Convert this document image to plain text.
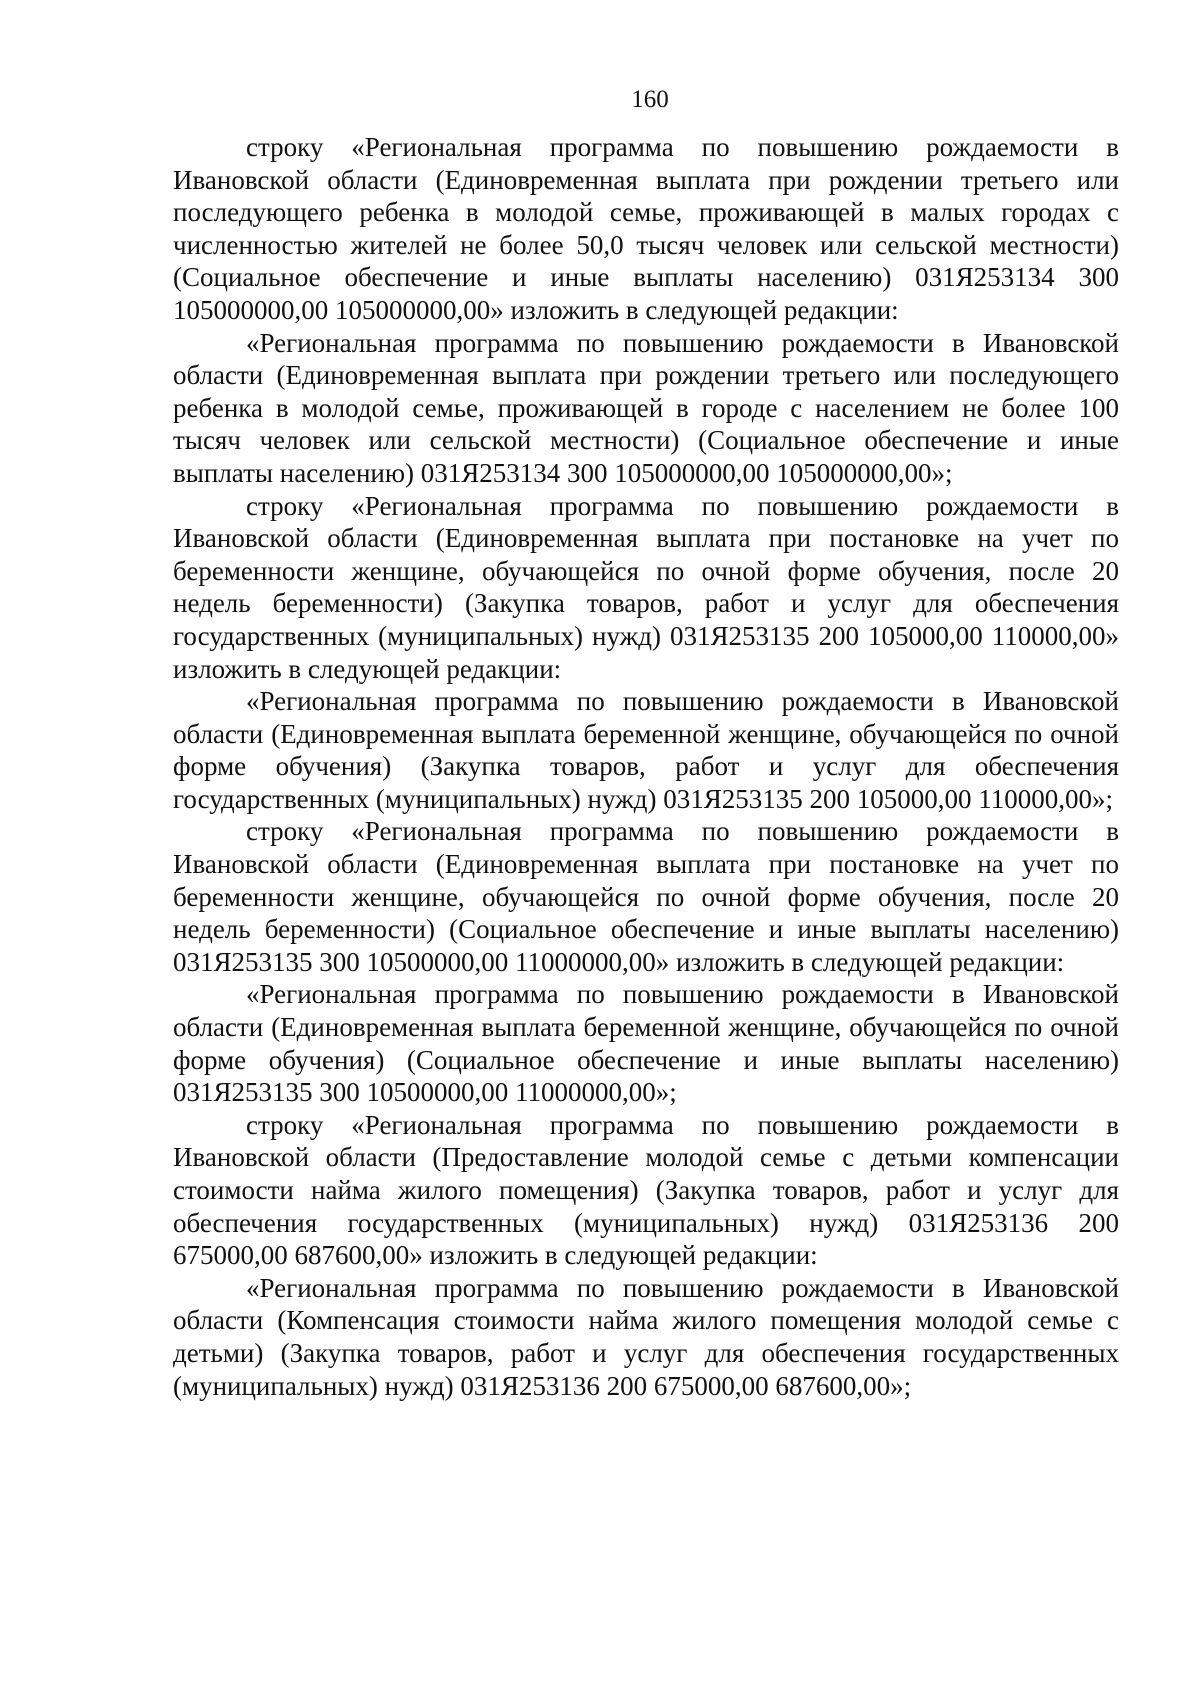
160

строку «Региональная программа по повышению рождаемости в Ивановской области (Единовременная выплата при рождении третьего или последующего ребенка в молодой семье, проживающей в малых городах с численностью жителей не более 50,0 тысяч человек или сельской местности) (Социальное обеспечение и иные выплаты населению) 031Я253134 300 105000000,00 105000000,00» изложить в следующей редакции:

«Региональная программа по повышению рождаемости в Ивановской области (Единовременная выплата при рождении третьего или последующего ребенка в молодой семье, проживающей в городе с населением не более 100 тысяч человек или сельской местности) (Социальное обеспечение и иные выплаты населению) 031Я253134 300 105000000,00 105000000,00»;

строку «Региональная программа по повышению рождаемости в Ивановской области (Единовременная выплата при постановке на учет по беременности женщине, обучающейся по очной форме обучения, после 20 недель беременности) (Закупка товаров, работ и услуг для обеспечения государственных (муниципальных) нужд) 031Я253135 200 105000,00 110000,00» изложить в следующей редакции:

«Региональная программа по повышению рождаемости в Ивановской области (Единовременная выплата беременной женщине, обучающейся по очной форме обучения) (Закупка товаров, работ и услуг для обеспечения государственных (муниципальных) нужд) 031Я253135 200 105000,00 110000,00»;

строку «Региональная программа по повышению рождаемости в Ивановской области (Единовременная выплата при постановке на учет по беременности женщине, обучающейся по очной форме обучения, после 20 недель беременности) (Социальное обеспечение и иные выплаты населению) 031Я253135 300 10500000,00 11000000,00» изложить в следующей редакции:

«Региональная программа по повышению рождаемости в Ивановской области (Единовременная выплата беременной женщине, обучающейся по очной форме обучения) (Социальное обеспечение и иные выплаты населению) 031Я253135 300 10500000,00 11000000,00»;

строку «Региональная программа по повышению рождаемости в Ивановской области (Предоставление молодой семье с детьми компенсации стоимости найма жилого помещения) (Закупка товаров, работ и услуг для обеспечения государственных (муниципальных) нужд) 031Я253136 200 675000,00 687600,00» изложить в следующей редакции:

«Региональная программа по повышению рождаемости в Ивановской области (Компенсация стоимости найма жилого помещения молодой семье с детьми) (Закупка товаров, работ и услуг для обеспечения государственных (муниципальных) нужд) 031Я253136 200 675000,00 687600,00»;
